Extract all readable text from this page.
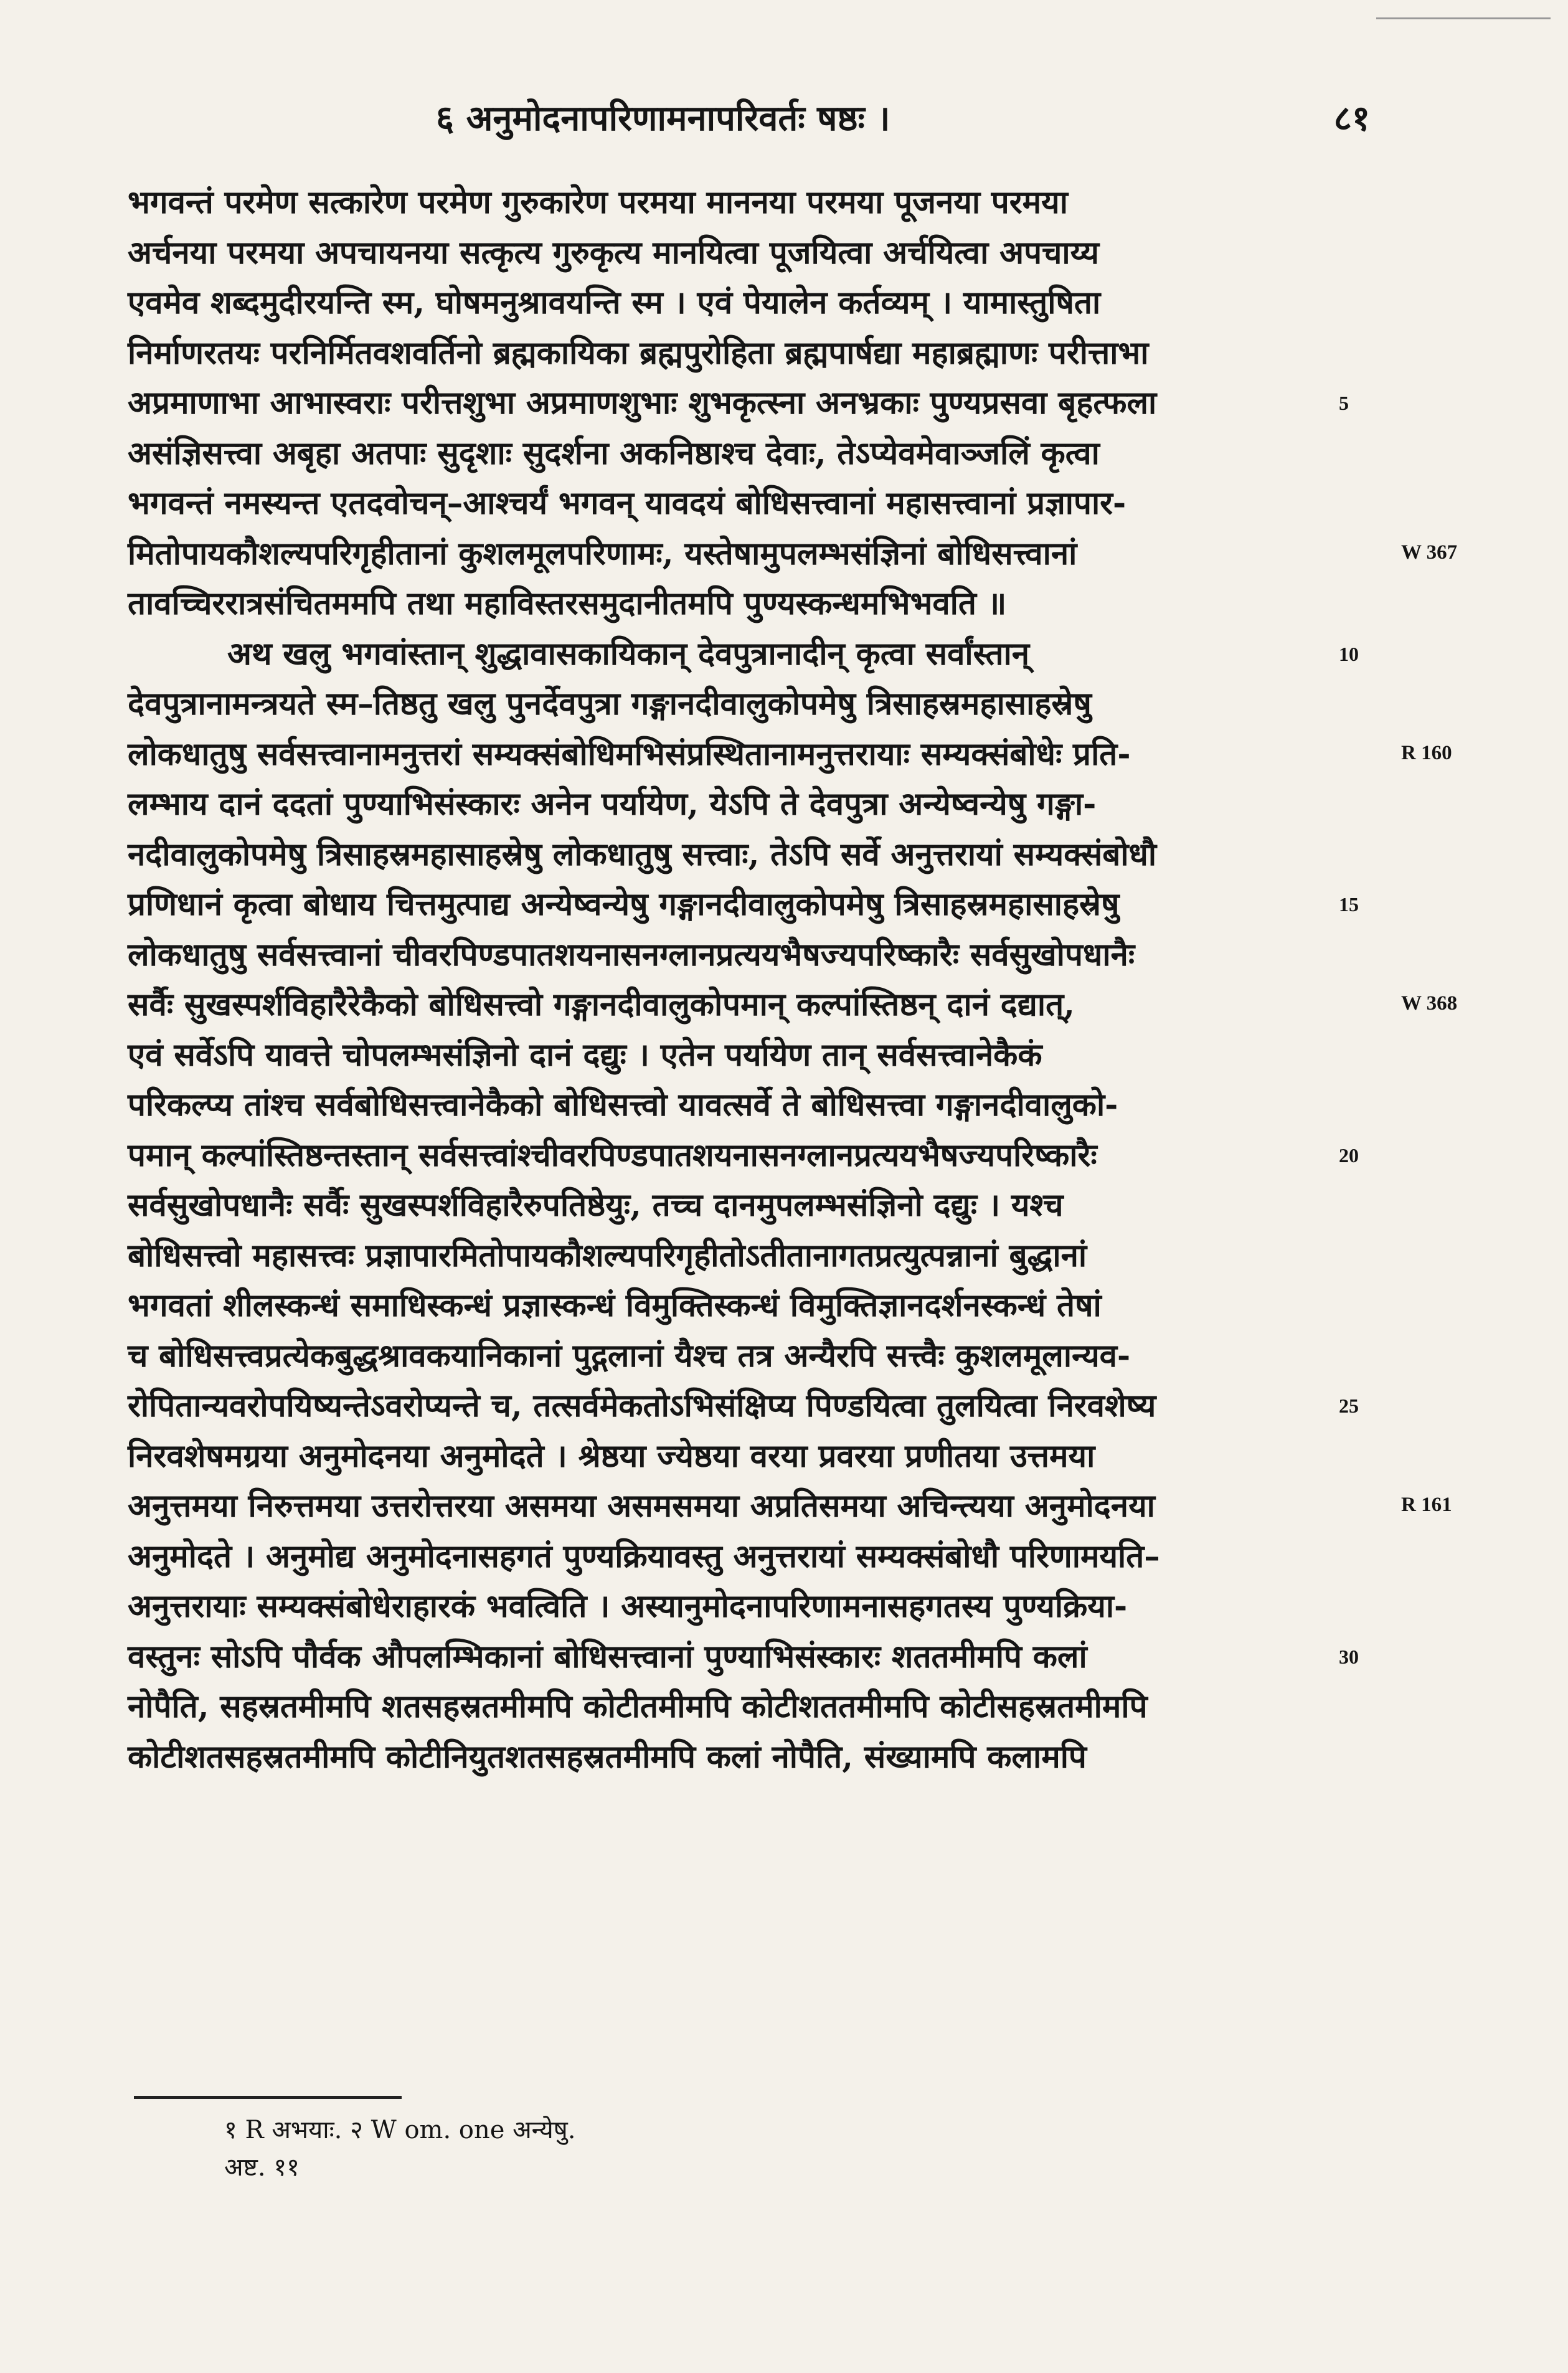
६ अनुमोदनापरिणामनापरिवर्तः षष्ठः ।	८१
भगवन्तं परमेण सत्कारेण परमेण गुरुकारेण परमया माननया परमया पूजनया परमया
अर्चनया परमया अपचायनया सत्कृत्य गुरुकृत्य मानयित्वा पूजयित्वा अर्चयित्वा अपचाय्य
एवमेव शब्दमुदीरयन्ति स्म, घोषमनुश्रावयन्ति स्म । एवं पेयालेन कर्तव्यम् । यामास्तुषिता
निर्माणरतयः परनिर्मितवशवर्तिनो ब्रह्मकायिका ब्रह्मपुरोहिता ब्रह्मपार्षद्या महाब्रह्माणः परीत्ताभा
अप्रमाणाभा आभास्वराः परीत्तशुभा अप्रमाणशुभाः शुभकृत्स्ना अनभ्रकाः पुण्यप्रसवा बृहत्फला	5
असंज्ञिसत्त्वा अबृहा अतपाः सुदृशाः सुदर्शना अकनिष्ठाश्च देवाः, तेऽप्येवमेवाञ्जलिं कृत्वा
भगवन्तं नमस्यन्त एतदवोचन्–आश्चर्यं भगवन् यावदयं बोधिसत्त्वानां महासत्त्वानां प्रज्ञापार-
मितोपायकौशल्यपरिगृहीतानां कुशलमूलपरिणामः, यस्तेषामुपलम्भसंज्ञिनां बोधिसत्त्वानां
तावच्चिररात्रसंचितममपि तथा महाविस्तरसमुदानीतमपि पुण्यस्कन्धमभिभवति ॥
अथ खलु भगवांस्तान् शुद्धावासकायिकान् देवपुत्रानादीन् कृत्वा सर्वांस्तान्	10
देवपुत्रानामन्त्रयते स्म–तिष्ठतु खलु पुनर्देवपुत्रा गङ्गानदीवालुकोपमेषु त्रिसाहस्रमहासाहस्रेषु
लोकधातुषु सर्वसत्त्वानामनुत्तरां सम्यक्संबोधिमभिसंप्रस्थितानामनुत्तरायाः सम्यक्संबोधेः प्रति-
लम्भाय दानं ददतां पुण्याभिसंस्कारः अनेन पर्यायेण, येऽपि ते देवपुत्रा अन्येष्वन्येषु गङ्गा-
नदीवालुकोपमेषु त्रिसाहस्रमहासाहस्रेषु लोकधातुषु सत्त्वाः, तेऽपि सर्वे अनुत्तरायां सम्यक्संबोधौ
प्रणिधानं कृत्वा बोधाय चित्तमुत्पाद्य अन्येष्वन्येषु गङ्गानदीवालुकोपमेषु त्रिसाहस्रमहासाहस्रेषु	15
लोकधातुषु सर्वसत्त्वानां चीवरपिण्डपातशयनासनग्लानप्रत्ययभैषज्यपरिष्कारैः सर्वसुखोपधानैः
सर्वैः सुखस्पर्शविहारैरेकैको बोधिसत्त्वो गङ्गानदीवालुकोपमान् कल्पांस्तिष्ठन् दानं दद्यात्,
एवं सर्वेऽपि यावत्ते चोपलम्भसंज्ञिनो दानं दद्युः । एतेन पर्यायेण तान् सर्वसत्त्वानेकैकं
परिकल्प्य तांश्च सर्वबोधिसत्त्वानेकैको बोधिसत्त्वो यावत्सर्वे ते बोधिसत्त्वा गङ्गानदीवालुको-
पमान् कल्पांस्तिष्ठन्तस्तान् सर्वसत्त्वांश्चीवरपिण्डपातशयनासनग्लानप्रत्ययभैषज्यपरिष्कारैः	20
सर्वसुखोपधानैः सर्वैः सुखस्पर्शविहारैरुपतिष्ठेयुः, तच्च दानमुपलम्भसंज्ञिनो दद्युः । यश्च
बोधिसत्त्वो महासत्त्वः प्रज्ञापारमितोपायकौशल्यपरिगृहीतोऽतीतानागतप्रत्युत्पन्नानां बुद्धानां
भगवतां शीलस्कन्धं समाधिस्कन्धं प्रज्ञास्कन्धं विमुक्तिस्कन्धं विमुक्तिज्ञानदर्शनस्कन्धं तेषां
च बोधिसत्त्वप्रत्येकबुद्धश्रावकयानिकानां पुद्गलानां यैश्च तत्र अन्यैरपि सत्त्वैः कुशलमूलान्यव-
रोपितान्यवरोपयिष्यन्तेऽवरोप्यन्ते च, तत्सर्वमेकतोऽभिसंक्षिप्य पिण्डयित्वा तुलयित्वा निरवशेष्य	25
निरवशेषमग्रया अनुमोदनया अनुमोदते । श्रेष्ठया ज्येष्ठया वरया प्रवरया प्रणीतया उत्तमया
अनुत्तमया निरुत्तमया उत्तरोत्तरया असमया असमसमया अप्रतिसमया अचिन्त्यया अनुमोदनया
अनुमोदते । अनुमोद्य अनुमोदनासहगतं पुण्यक्रियावस्तु अनुत्तरायां सम्यक्संबोधौ परिणामयति–
अनुत्तरायाः सम्यक्संबोधेराहारकं भवत्विति । अस्यानुमोदनापरिणामनासहगतस्य पुण्यक्रिया-
वस्तुनः सोऽपि पौर्वक औपलम्भिकानां बोधिसत्त्वानां पुण्याभिसंस्कारः शततमीमपि कलां	30
नोपैति, सहस्रतमीमपि शतसहस्रतमीमपि कोटीतमीमपि कोटीशततमीमपि कोटीसहस्रतमीमपि
कोटीशतसहस्रतमीमपि कोटीनियुतशतसहस्रतमीमपि कलां नोपैति, संख्यामपि कलामपि
W 367
R 160
W 368
R 161
१ R अभयाः. २ W om. one अन्येषु.
अष्ट. ११
